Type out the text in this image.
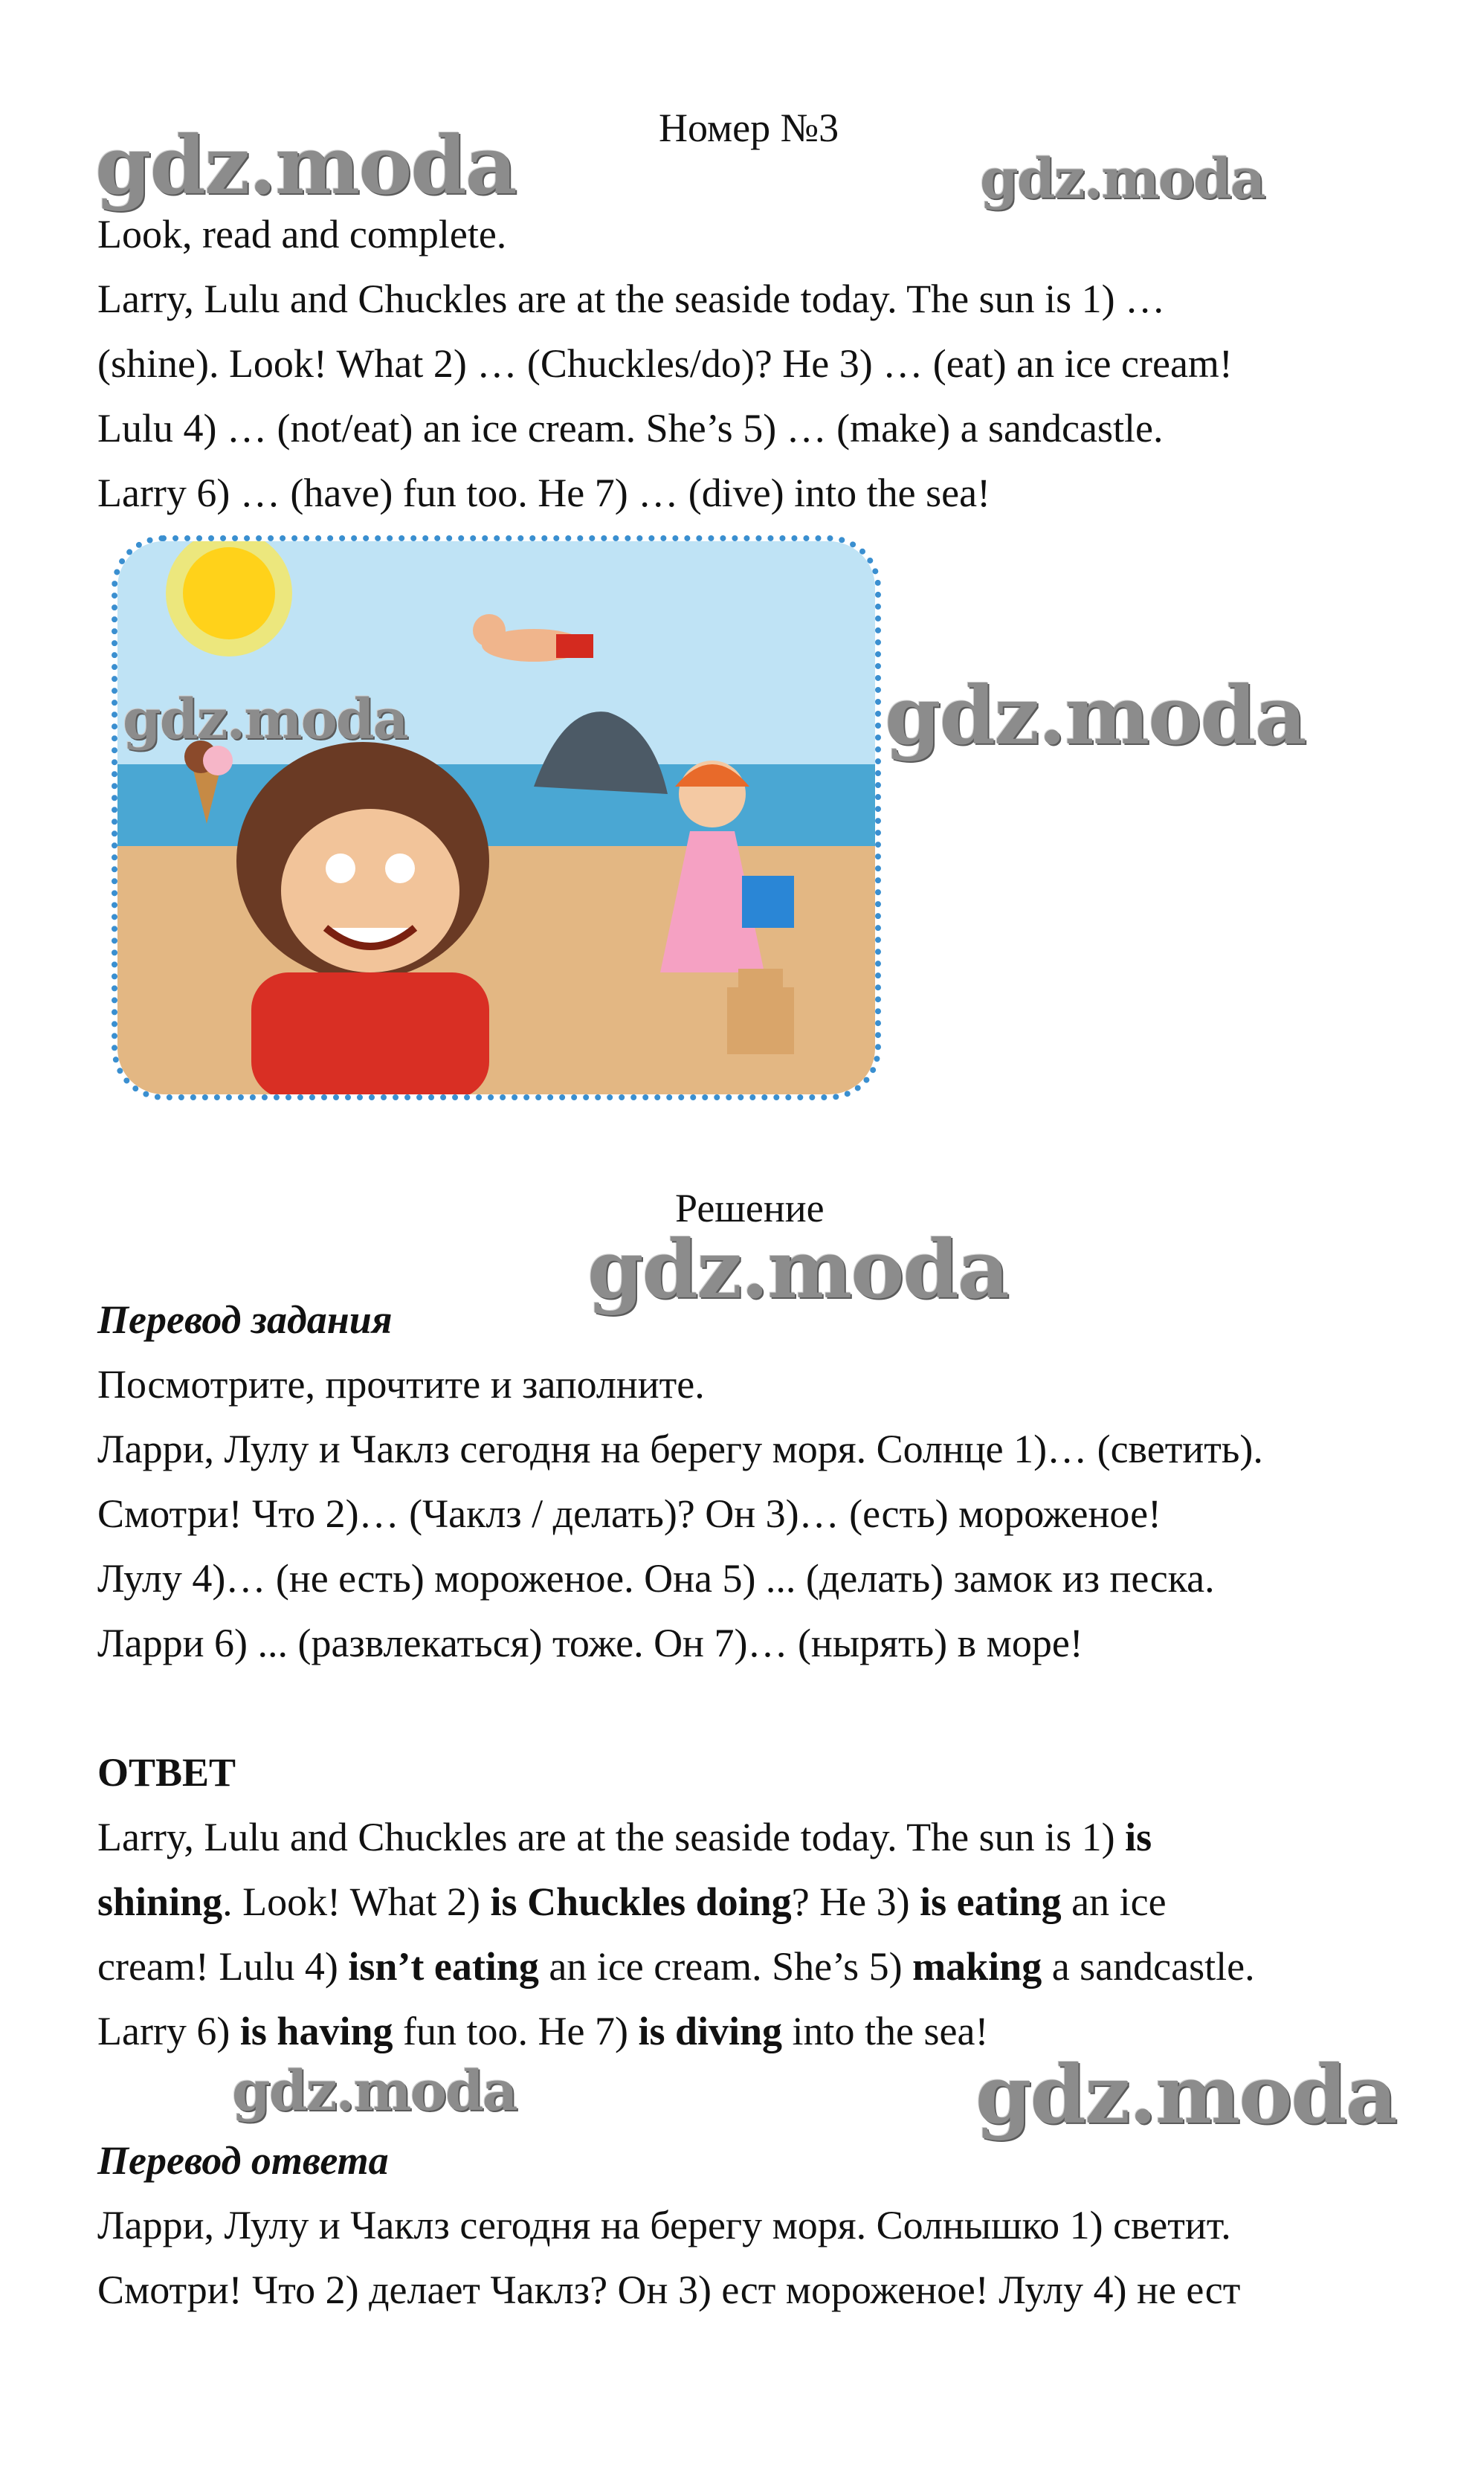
gdz.moda	gdz.moda
gdz.moda
gdz.moda
gdz.moda	gdz.moda
Номер №3

Look, read and complete.

Larry, Lulu and Chuckles are at the seaside today. The sun is 1) …

(shine). Look! What 2) … (Chuckles/do)? He 3) … (eat) an ice cream!

Lulu 4) … (not/eat) an ice cream. She’s 5) … (make) a sandcastle.

Larry 6) … (have) fun too. He 7) … (dive) into the sea!

gdz.moda
Решение

Перевод задания

Посмотрите, прочтите и заполните.

Ларри, Лулу и Чаклз сегодня на берегу моря. Солнце 1)… (светить).

Смотри! Что 2)… (Чаклз / делать)? Он 3)… (есть) мороженое!

Лулу 4)… (не есть) мороженое. Она 5) ... (делать) замок из песка.

Ларри 6) ... (развлекаться) тоже. Он 7)… (нырять) в море!

ОТВЕТ

Larry, Lulu and Chuckles are at the seaside today. The sun is 1) is

shining. Look! What 2) is Chuckles doing? He 3) is eating an ice

cream! Lulu 4) isn’t eating an ice cream. She’s 5) making a sandcastle.

Larry 6) is having fun too. He 7) is diving into the sea!

Перевод ответа

Ларри, Лулу и Чаклз сегодня на берегу моря. Солнышко 1) светит.

Смотри! Что 2) делает Чаклз? Он 3) ест мороженое! Лулу 4) не ест
